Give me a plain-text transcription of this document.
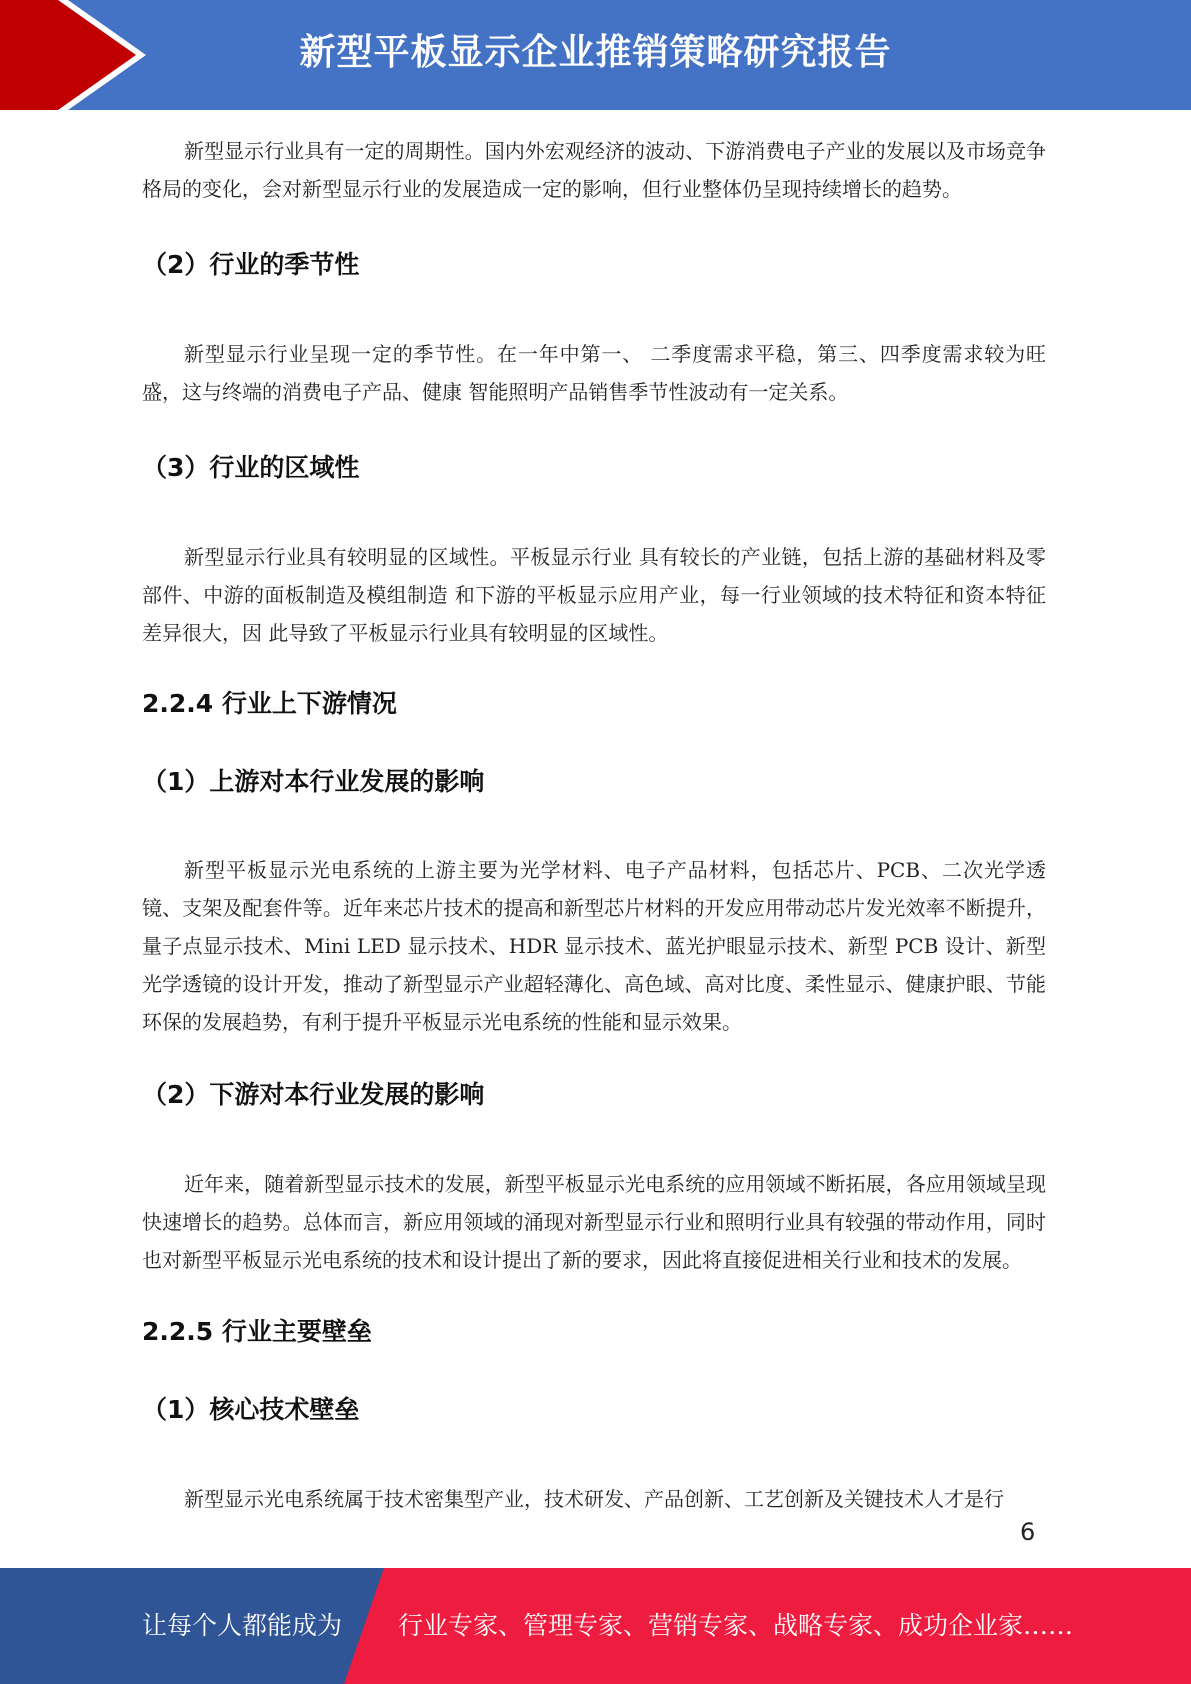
新型平板显示企业推销策略研究报告

新型显示行业具有一定的周期性。国内外宏观经济的波动、下游消费电子产业的发展以及市场竞争格局的变化，会对新型显示行业的发展造成一定的影响，但行业整体仍呈现持续增长的趋势。

（2）行业的季节性

新型显示行业呈现一定的季节性。在一年中第一、 二季度需求平稳，第三、四季度需求较为旺盛，这与终端的消费电子产品、健康 智能照明产品销售季节性波动有一定关系。

（3）行业的区域性

新型显示行业具有较明显的区域性。平板显示行业 具有较长的产业链，包括上游的基础材料及零部件、中游的面板制造及模组制造 和下游的平板显示应用产业，每一行业领域的技术特征和资本特征差异很大，因 此导致了平板显示行业具有较明显的区域性。

2.2.4 行业上下游情况
（1）上游对本行业发展的影响

新型平板显示光电系统的上游主要为光学材料、电子产品材料，包括芯片、PCB、二次光学透镜、支架及配套件等。近年来芯片技术的提高和新型芯片材料的开发应用带动芯片发光效率不断提升，量子点显示技术、Mini LED 显示技术、HDR 显示技术、蓝光护眼显示技术、新型 PCB 设计、新型光学透镜的设计开发，推动了新型显示产业超轻薄化、高色域、高对比度、柔性显示、健康护眼、节能环保的发展趋势，有利于提升平板显示光电系统的性能和显示效果。

（2）下游对本行业发展的影响

近年来，随着新型显示技术的发展，新型平板显示光电系统的应用领域不断拓展，各应用领域呈现快速增长的趋势。总体而言，新应用领域的涌现对新型显示行业和照明行业具有较强的带动作用，同时也对新型平板显示光电系统的技术和设计提出了新的要求，因此将直接促进相关行业和技术的发展。

2.2.5 行业主要壁垒
（1）核心技术壁垒

新型显示光电系统属于技术密集型产业，技术研发、产品创新、工艺创新及关键技术人才是行

6
让每个人都能成为 行业专家、管理专家、营销专家、战略专家、成功企业家……
